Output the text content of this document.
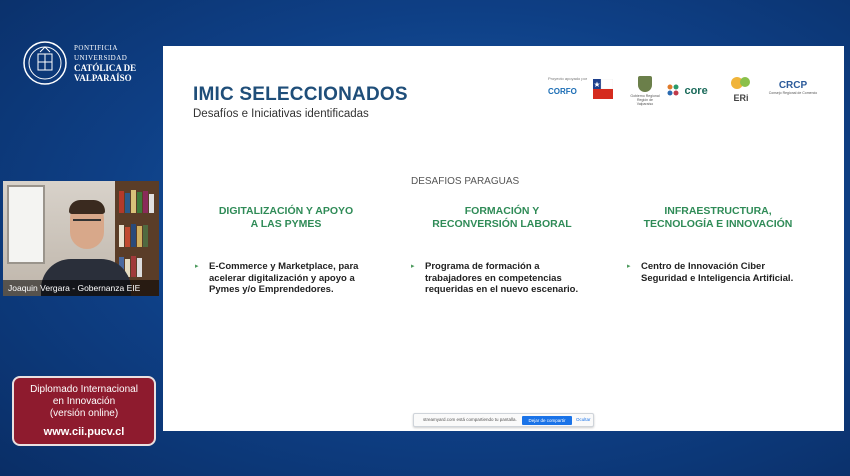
PONTIFICIA
UNIVERSIDAD
CATÓLICA DE
VALPARAÍSO
Joaquin Vergara - Gobernanza EIE
Diplomado Internacional
en Innovación
(versión online)
www.cii.pucv.cl
IMIC SELECCIONADOS
Desafíos e Iniciativas identificadas
Proyecto apoyado por
CORFO	Gobierno Regional Región de Valparaíso
core
ERi
CRCP
Consejo Regional de Comercio
DESAFIOS PARAGUAS
DIGITALIZACIÓN Y APOYO
A LAS PYMES
▸ E-Commerce y Marketplace, para acelerar digitalización y apoyo a Pymes y/o Emprendedores.
FORMACIÓN Y
RECONVERSIÓN LABORAL
▸ Programa de formación a trabajadores en competencias requeridas en el nuevo escenario.
INFRAESTRUCTURA,
TECNOLOGÍA E INNOVACIÓN
▸ Centro de Innovación Ciber Seguridad e Inteligencia Artificial.
streamyard.com está compartiendo tu pantalla.	Dejar de compartir	Ocultar
